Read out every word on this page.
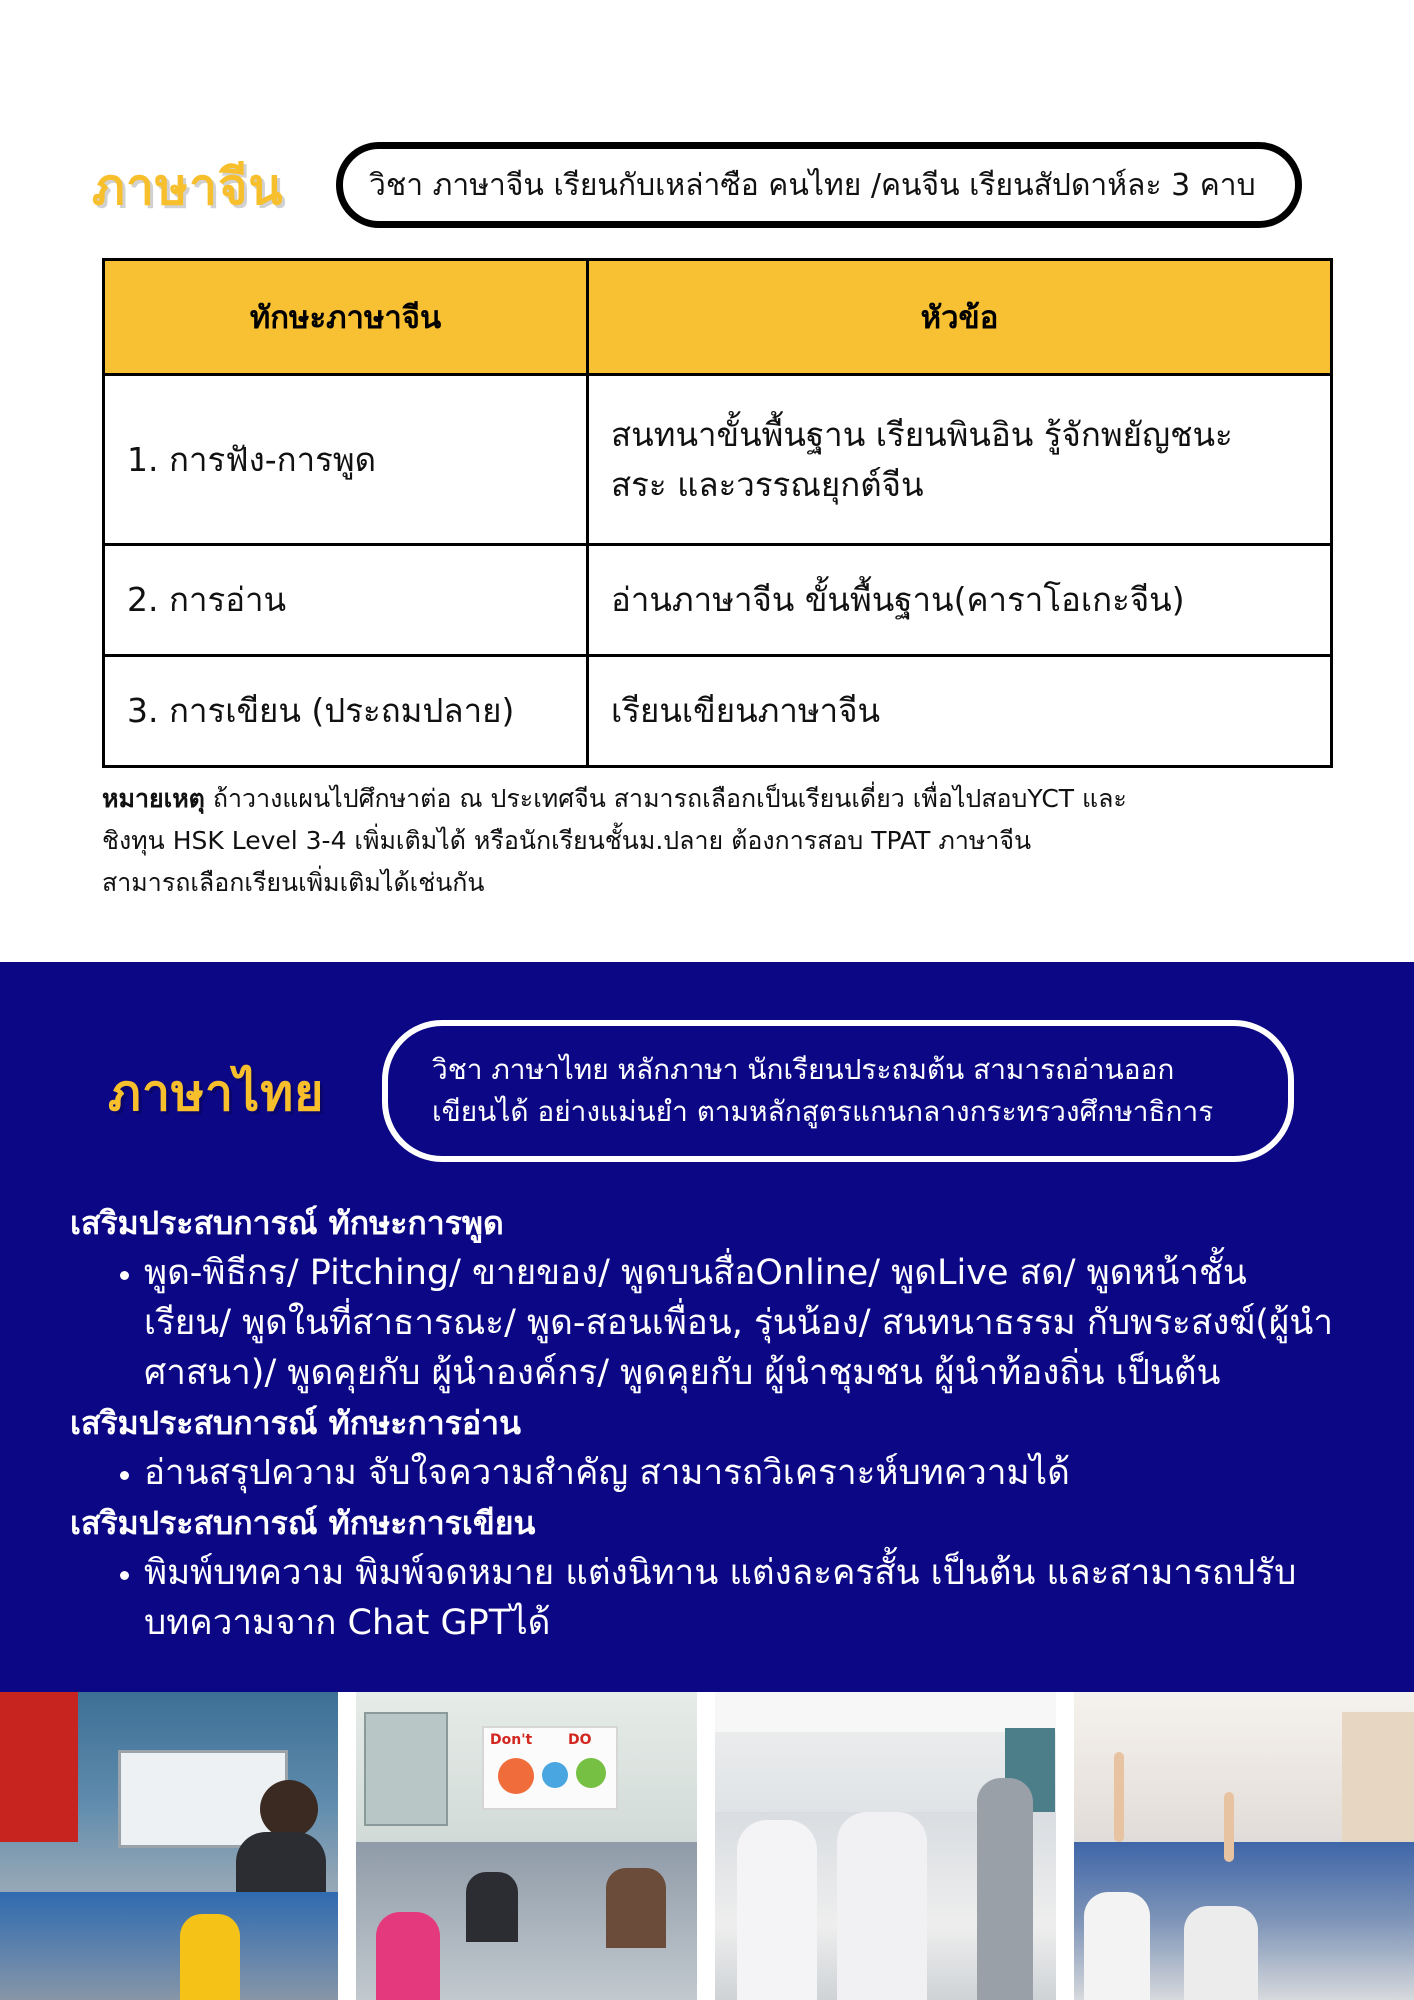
ภาษาจีน	วิชา ภาษาจีน เรียนกับเหล่าซือ คนไทย /คนจีน เรียนสัปดาห์ละ 3 คาบ
ทักษะภาษาจีน	หัวข้อ
1. การฟัง-การพูด	สนทนาขั้นพื้นฐาน เรียนพินอิน รู้จักพยัญชนะ
สระ และวรรณยุกต์จีน

2. การอ่าน	อ่านภาษาจีน ขั้นพื้นฐาน(คาราโอเกะจีน)
3. การเขียน (ประถมปลาย)	เรียนเขียนภาษาจีน
หมายเหตุ ถ้าวางแผนไปศึกษาต่อ ณ ประเทศจีน สามารถเลือกเป็นเรียนเดี่ยว เพื่อไปสอบYCT และ
ชิงทุน HSK Level 3-4 เพิ่มเติมได้ หรือนักเรียนชั้นม.ปลาย ต้องการสอบ TPAT ภาษาจีน
สามารถเลือกเรียนเพิ่มเติมได้เช่นกัน
ภาษาไทย	วิชา ภาษาไทย หลักภาษา นักเรียนประถมต้น สามารถอ่านออก
เขียนได้ อย่างแม่นยำ ตามหลักสูตรแกนกลางกระทรวงศึกษาธิการ
เสริมประสบการณ์ ทักษะการพูด
• พูด-พิธีกร/ Pitching/ ขายของ/ พูดบนสื่อOnline/ พูดLive สด/ พูดหน้าชั้น
เรียน/ พูดในที่สาธารณะ/ พูด-สอนเพื่อน, รุ่นน้อง/ สนทนาธรรม กับพระสงฆ์(ผู้นำ
ศาสนา)/ พูดคุยกับ ผู้นำองค์กร/ พูดคุยกับ ผู้นำชุมชน ผู้นำท้องถิ่น เป็นต้น
เสริมประสบการณ์ ทักษะการอ่าน
• อ่านสรุปความ จับใจความสำคัญ สามารถวิเคราะห์บทความได้
เสริมประสบการณ์ ทักษะการเขียน
• พิมพ์บทความ พิมพ์จดหมาย แต่งนิทาน แต่งละครสั้น เป็นต้น และสามารถปรับ
บทความจาก Chat GPTได้
Don't	DO
